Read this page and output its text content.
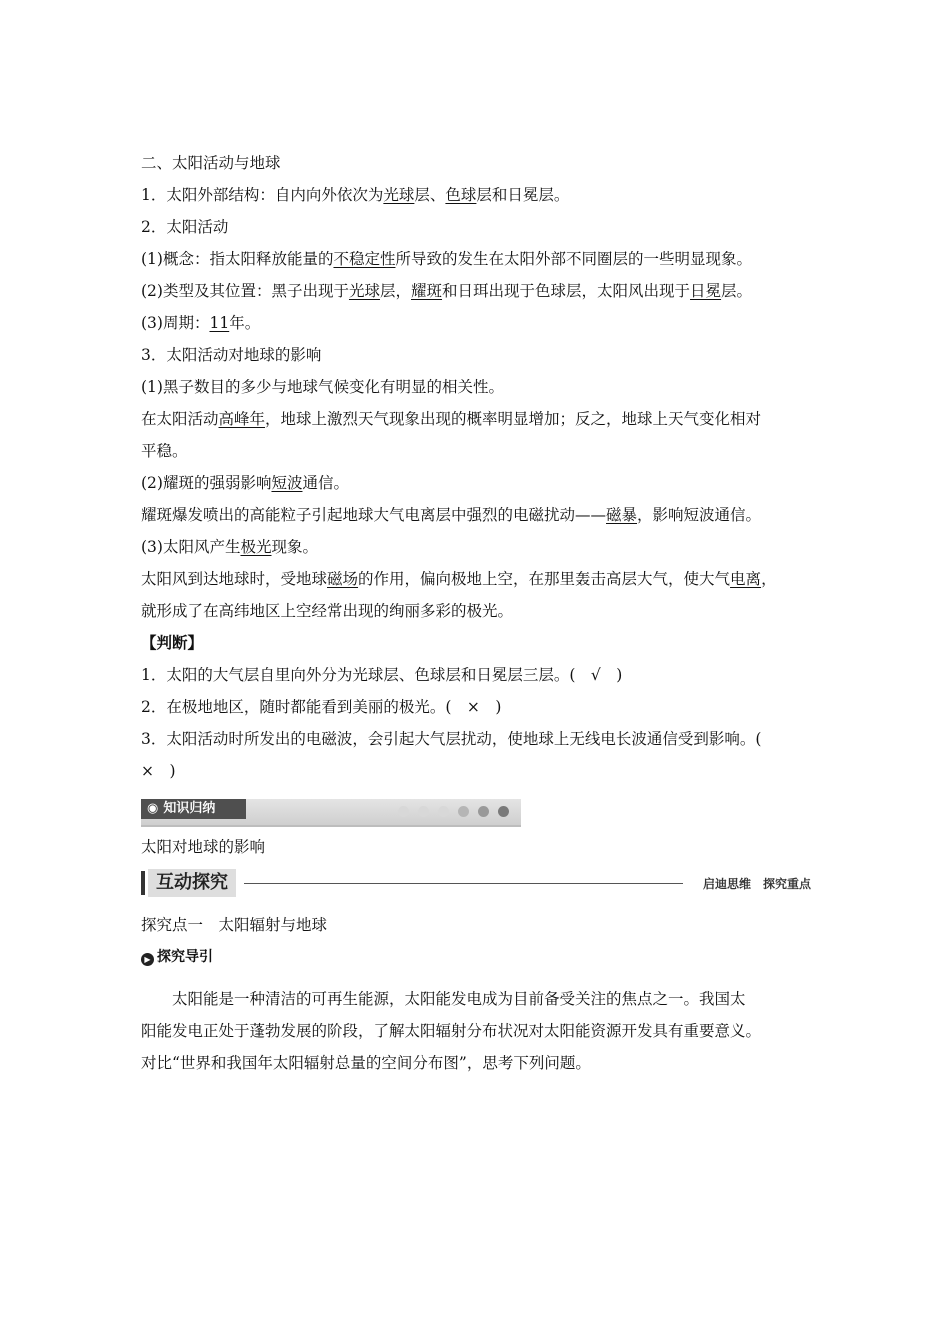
二、太阳活动与地球
1．太阳外部结构：自内向外依次为光球层、色球层和日冕层。
2．太阳活动
(1)概念：指太阳释放能量的不稳定性所导致的发生在太阳外部不同圈层的一些明显现象。
(2)类型及其位置：黑子出现于光球层，耀斑和日珥出现于色球层，太阳风出现于日冕层。
(3)周期：11年。
3．太阳活动对地球的影响
(1)黑子数目的多少与地球气候变化有明显的相关性。
在太阳活动高峰年，地球上激烈天气现象出现的概率明显增加；反之，地球上天气变化相对
平稳。
(2)耀斑的强弱影响短波通信。
耀斑爆发喷出的高能粒子引起地球大气电离层中强烈的电磁扰动——磁暴，影响短波通信。
(3)太阳风产生极光现象。
太阳风到达地球时，受地球磁场的作用，偏向极地上空，在那里轰击高层大气，使大气电离，
就形成了在高纬地区上空经常出现的绚丽多彩的极光。
【判断】
1．太阳的大气层自里向外分为光球层、色球层和日冕层三层。(　√　)
2．在极地地区，随时都能看到美丽的极光。(　×　)
3．太阳活动时所发出的电磁波，会引起大气层扰动，使地球上无线电长波通信受到影响。(
×　)
◉ 知识归纳
太阳对地球的影响
互动探究	启迪思维　探究重点
探究点一　太阳辐射与地球
▶ 探究导引
太阳能是一种清洁的可再生能源，太阳能发电成为目前备受关注的焦点之一。我国太
阳能发电正处于蓬勃发展的阶段，了解太阳辐射分布状况对太阳能资源开发具有重要意义。
对比“世界和我国年太阳辐射总量的空间分布图”，思考下列问题。
